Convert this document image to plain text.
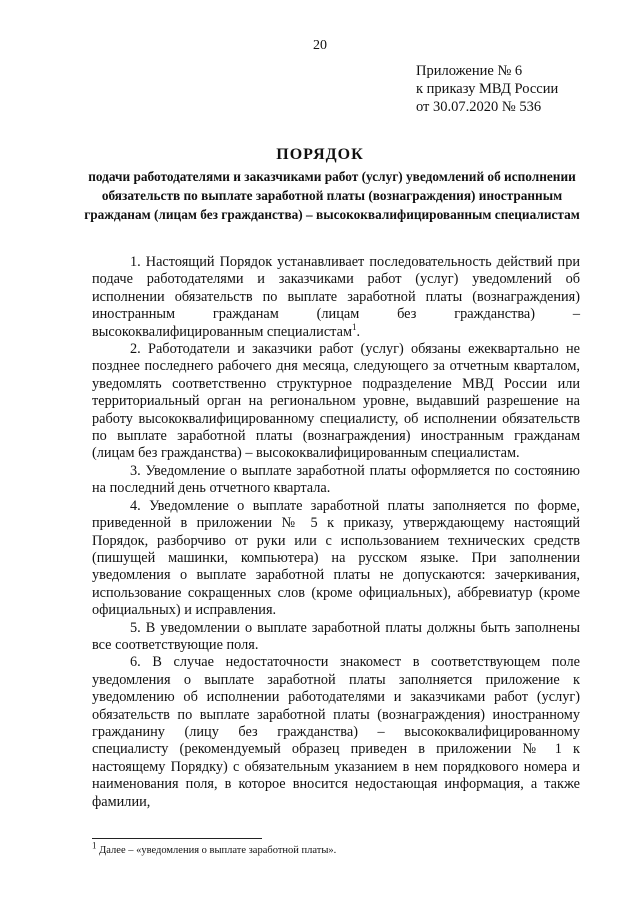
20
Приложение № 6
к приказу МВД России
от 30.07.2020 № 536
ПОРЯДОК
подачи работодателями и заказчиками работ (услуг) уведомлений об исполнении обязательств по выплате заработной платы (вознаграждения) иностранным гражданам (лицам без гражданства) – высококвалифицированным специалистам

1. Настоящий Порядок устанавливает последовательность действий при подаче работодателями и заказчиками работ (услуг) уведомлений об исполнении обязательств по выплате заработной платы (вознаграждения) иностранным гражданам (лицам без гражданства) – высококвалифицированным специалистам$^1$.

2. Работодатели и заказчики работ (услуг) обязаны ежеквартально не позднее последнего рабочего дня месяца, следующего за отчетным кварталом, уведомлять соответственно структурное подразделение МВД России или территориальный орган на региональном уровне, выдавший разрешение на работу высококвалифицированному специалисту, об исполнении обязательств по выплате заработной платы (вознаграждения) иностранным гражданам (лицам без гражданства) – высококвалифицированным специалистам.

3. Уведомление о выплате заработной платы оформляется по состоянию на последний день отчетного квартала.

4. Уведомление о выплате заработной платы заполняется по форме, приведенной в приложении № 5 к приказу, утверждающему настоящий Порядок, разборчиво от руки или с использованием технических средств (пишущей машинки, компьютера) на русском языке. При заполнении уведомления о выплате заработной платы не допускаются: зачеркивания, использование сокращенных слов (кроме официальных), аббревиатур (кроме официальных) и исправления.

5. В уведомлении о выплате заработной платы должны быть заполнены все соответствующие поля.

6. В случае недостаточности знакомест в соответствующем поле уведомления о выплате заработной платы заполняется приложение к уведомлению об исполнении работодателями и заказчиками работ (услуг) обязательств по выплате заработной платы (вознаграждения) иностранному гражданину (лицу без гражданства) – высококвалифицированному специалисту (рекомендуемый образец приведен в приложении № 1 к настоящему Порядку) с обязательным указанием в нем порядкового номера и наименования поля, в которое вносится недостающая информация, а также фамилии,

$^1$ Далее – «уведомления о выплате заработной платы».
